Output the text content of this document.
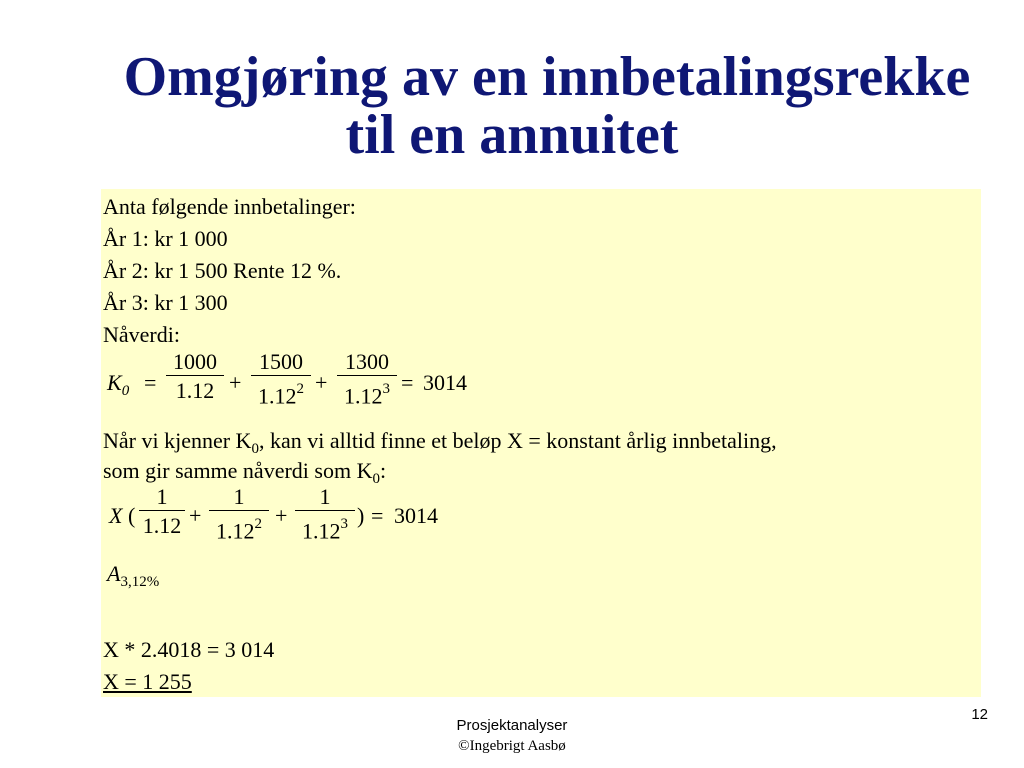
Omgjøring av en innbetalingsrekke
til en annuitet
Anta følgende innbetalinger:
År 1: kr 1 000
År 2: kr 1 500 Rente 12 %.
År 3: kr 1 300
Nåverdi:
$K_0$ =
1000
1.12 +
1500
$1.12^2$ +
1300
$1.12^3 = 3014$
Når vi kjenner $K_0$, kan vi alltid finne et beløp X = konstant årlig innbetaling,
som gir samme nåverdi som $K_0$:
X (
1
1.12 +
1
$1.12^2$ +
1
1.12$^3$ ) = 3014
$A_{3,12\%}$
X * 2.4018 = 3 014
X = 1 255
Prosjektanalyser
©Ingebrigt Aasbø
12
